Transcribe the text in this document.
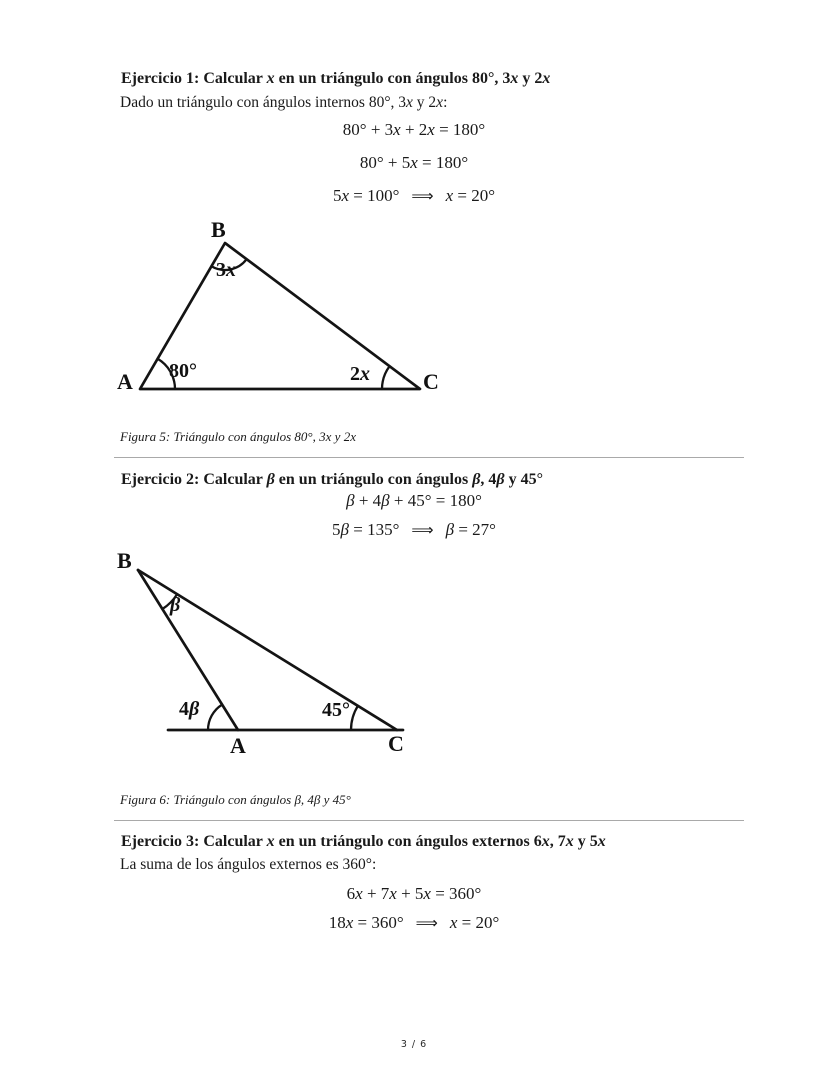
Ejercicio 1: Calcular x en un triángulo con ángulos 80°, 3x y 2x
Dado un triángulo con ángulos internos 80°, 3x y 2x:
80° + 3x + 2x = 180°
80° + 5x = 180°
5x = 100° ⟹ x = 20°
B
3x
A 80°	2x C
Figura 5: Triángulo con ángulos 80°, 3x y 2x
Ejercicio 2: Calcular β en un triángulo con ángulos β, 4β y 45°
β + 4β + 45° = 180°
5β = 135° ⟹ β = 27°
B
β
4β
A
45°
C
Figura 6: Triángulo con ángulos β, 4β y 45°
Ejercicio 3: Calcular x en un triángulo con ángulos externos 6x, 7x y 5x
La suma de los ángulos externos es 360°:
6x + 7x + 5x = 360°
18x = 360° ⟹ x = 20°
3 / 6
